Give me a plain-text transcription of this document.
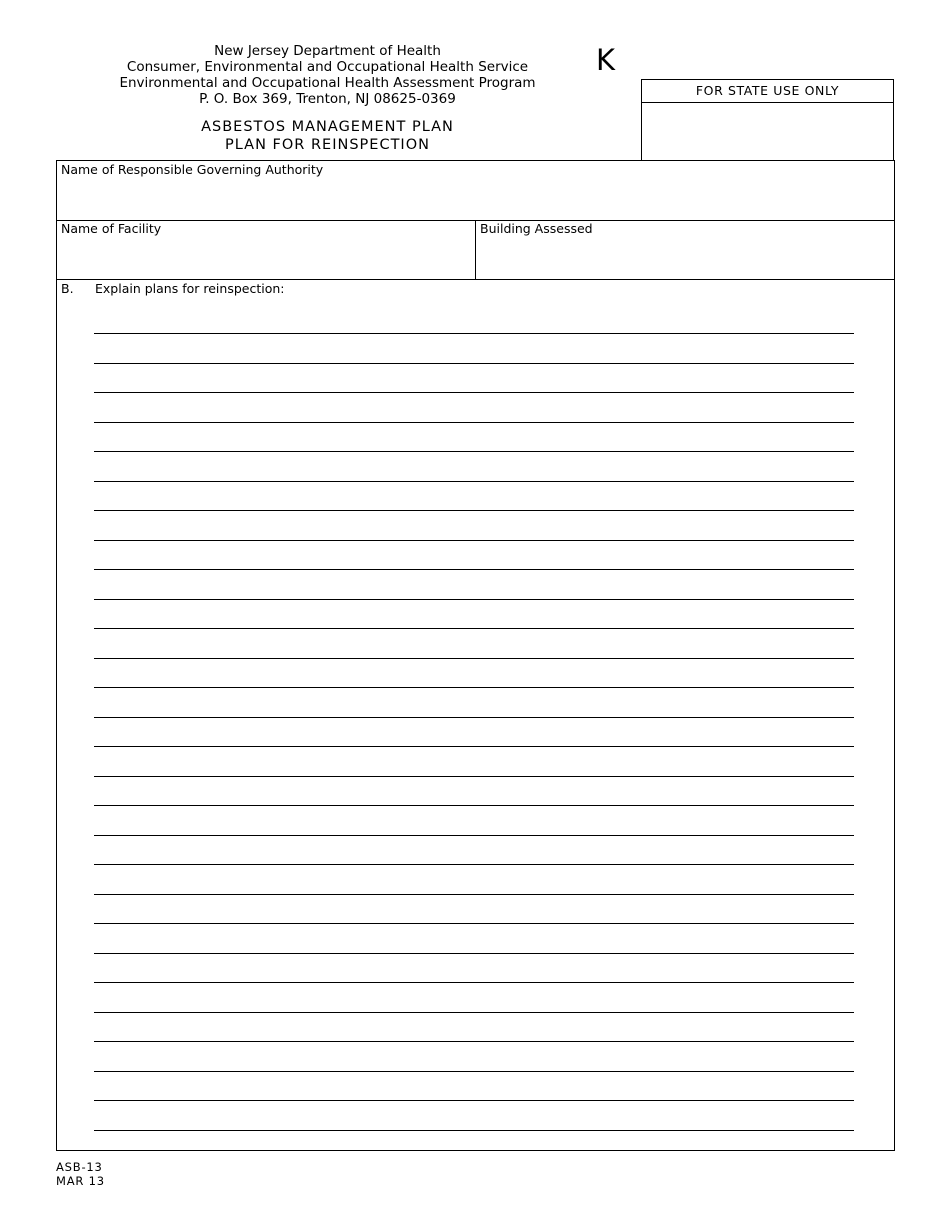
New Jersey Department of Health
Consumer, Environmental and Occupational Health Service
Environmental and Occupational Health Assessment Program
P. O. Box 369, Trenton, NJ 08625-0369
ASBESTOS MANAGEMENT PLAN
PLAN FOR REINSPECTION
K
FOR STATE USE ONLY
Name of Responsible Governing Authority
Name of Facility	Building Assessed
B. Explain plans for reinspection:
ASB-13
MAR 13
